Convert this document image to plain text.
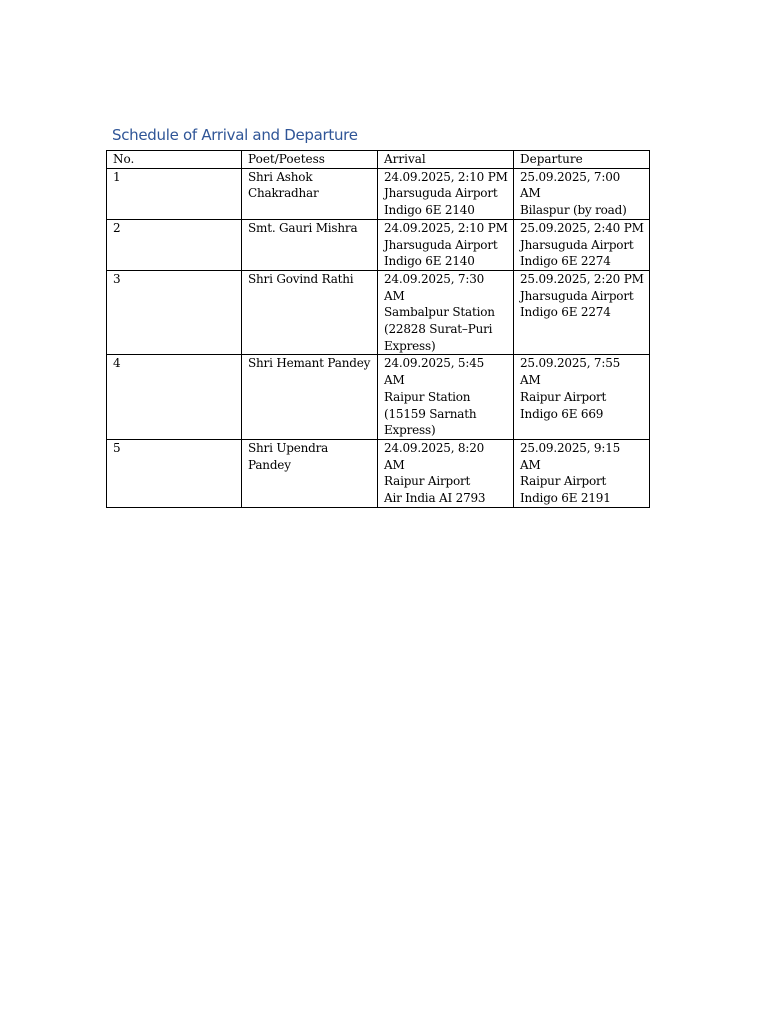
Schedule of Arrival and Departure
No.	Poet/Poetess	Arrival	Departure
1	Shri Ashok
Chakradhar	24.09.2025, 2:10 PM
Jharsuguda Airport
Indigo 6E 2140	25.09.2025, 7:00
AM
Bilaspur (by road)

2	Smt. Gauri Mishra	24.09.2025, 2:10 PM
Jharsuguda Airport
Indigo 6E 2140	25.09.2025, 2:40 PM
Jharsuguda Airport
Indigo 6E 2274

3	Shri Govind Rathi	24.09.2025, 7:30
AM
Sambalpur Station
(22828 Surat–Puri
Express)	25.09.2025, 2:20 PM
Jharsuguda Airport
Indigo 6E 2274

4	Shri Hemant Pandey	24.09.2025, 5:45
AM
Raipur Station
(15159 Sarnath
Express)	25.09.2025, 7:55
AM
Raipur Airport
Indigo 6E 669

5	Shri Upendra
Pandey	24.09.2025, 8:20
AM
Raipur Airport
Air India AI 2793	25.09.2025, 9:15
AM
Raipur Airport
Indigo 6E 2191
